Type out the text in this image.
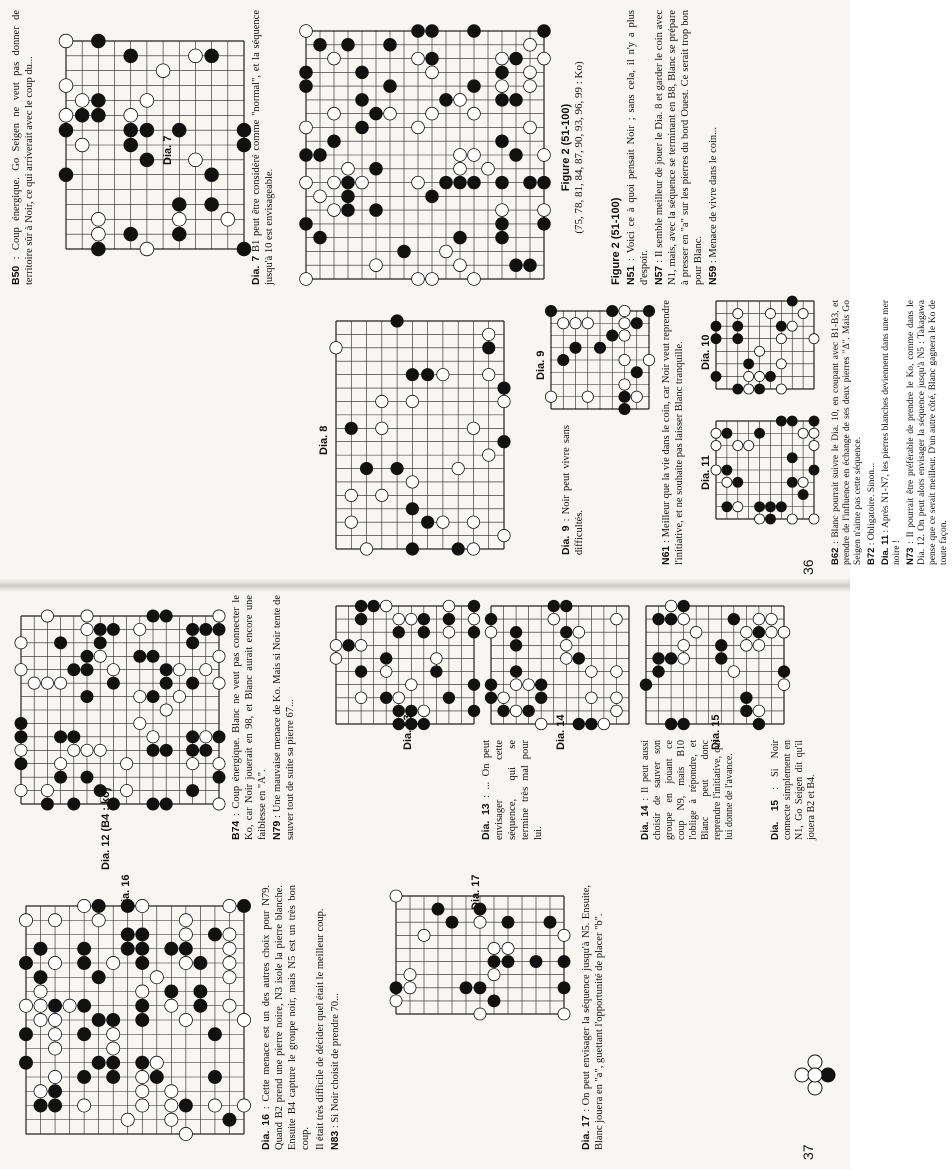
B50 : Coup énergique. Go Seigen ne veut pas donner de territoire sûr à Noir, ce qui arriverait avec le coup du...	Dia. 7

Dia. 7 B1 peut être considéré comme "normal", et la séquence jusqu'à 10 est envisageable.

Figure 2 (51-100) (75, 78, 81, 84, 87, 90, 93, 96, 99 : Ko)

Figure 2 (51-100) N51 : Voici ce à quoi pensait Noir ; sans cela, il n'y a plus d'espoir. N57 : Il semble meilleur de jouer le Dia. 8 et garder le coin avec N1, mais, avec la séquence se terminant en B8, Blanc se prépare à presser en "a" sur les pierres du bord Ouest. Ce serait trop bon pour Blanc. N59 : Menace de vivre dans le coin...

Dia. 8
Dia. 9

Dia. 9 : Noir peut vivre sans difficultés.

N61 : Meilleur que la vie dans le coin, car Noir veut reprendre l'initiative, et ne souhaite pas laisser Blanc tranquille. Dia. 10
Dia. 11

B62 : Blanc pourrait suivre le Dia. 10, en coupant avec B1-B3, et prendre de l'influence en échange de ses deux pierres "Δ". Mais Go Seigen n'aime pas cette séquence. B72 : Obligatoire. Sinon...

Dia. 11 : Après N1-N7, les pierres blanches deviennent dans une mer noire ! N73 : Il pourrait être préférable de prendre le Ko, comme dans le Dia. 12. On peut alors envisager la séquence jusqu'à N5 : Takagawa pense que ce serait meilleur. D'un autre côté, Blanc gagnera le Ko de toute façon.

36
Dia. 12 (B4 : ko)	B74 : Coup énergique. Blanc ne veut pas connecter le Ko, car Noir jouerait en 98, et Blanc aurait encore une faiblesse en "A". N79 : Une mauvaise menace de Ko. Mais si Noir tente de sauver tout de suite sa pierre 67...	Dia. 13

Dia. 13 : ... On peut envisager cette séquence, qui se termine très mal pour lui.

Dia. 14

Dia. 14 : Il peut aussi choisir de sauver son groupe en jouant ce coup N9, mais B10 l'oblige à répondre, et Blanc peut donc reprendre l'initiative, qui lui donne de l'avance.

Dia. 15

Dia. 15 : Si Noir connecte simplement en N1, Go Seigen dit qu'il jouera B2 et B4.

Dia. 16

Dia. 16 : Cette menace est un des autres choix pour N79. Quand B2 prend une pierre noire, N3 isole la pierre blanche. Ensuite B4 capture le groupe noir, mais N5 est un très bon coup. Il était très difficile de décider quel était le meilleur coup. N83 : Si Noir choisit de prendre 70...

Dia. 17

Dia. 17 : On peut envisager la séquence jusqu'à N5. Ensuite, Blanc jouera en "a", guettant l'opportunité de placer "b".

37
